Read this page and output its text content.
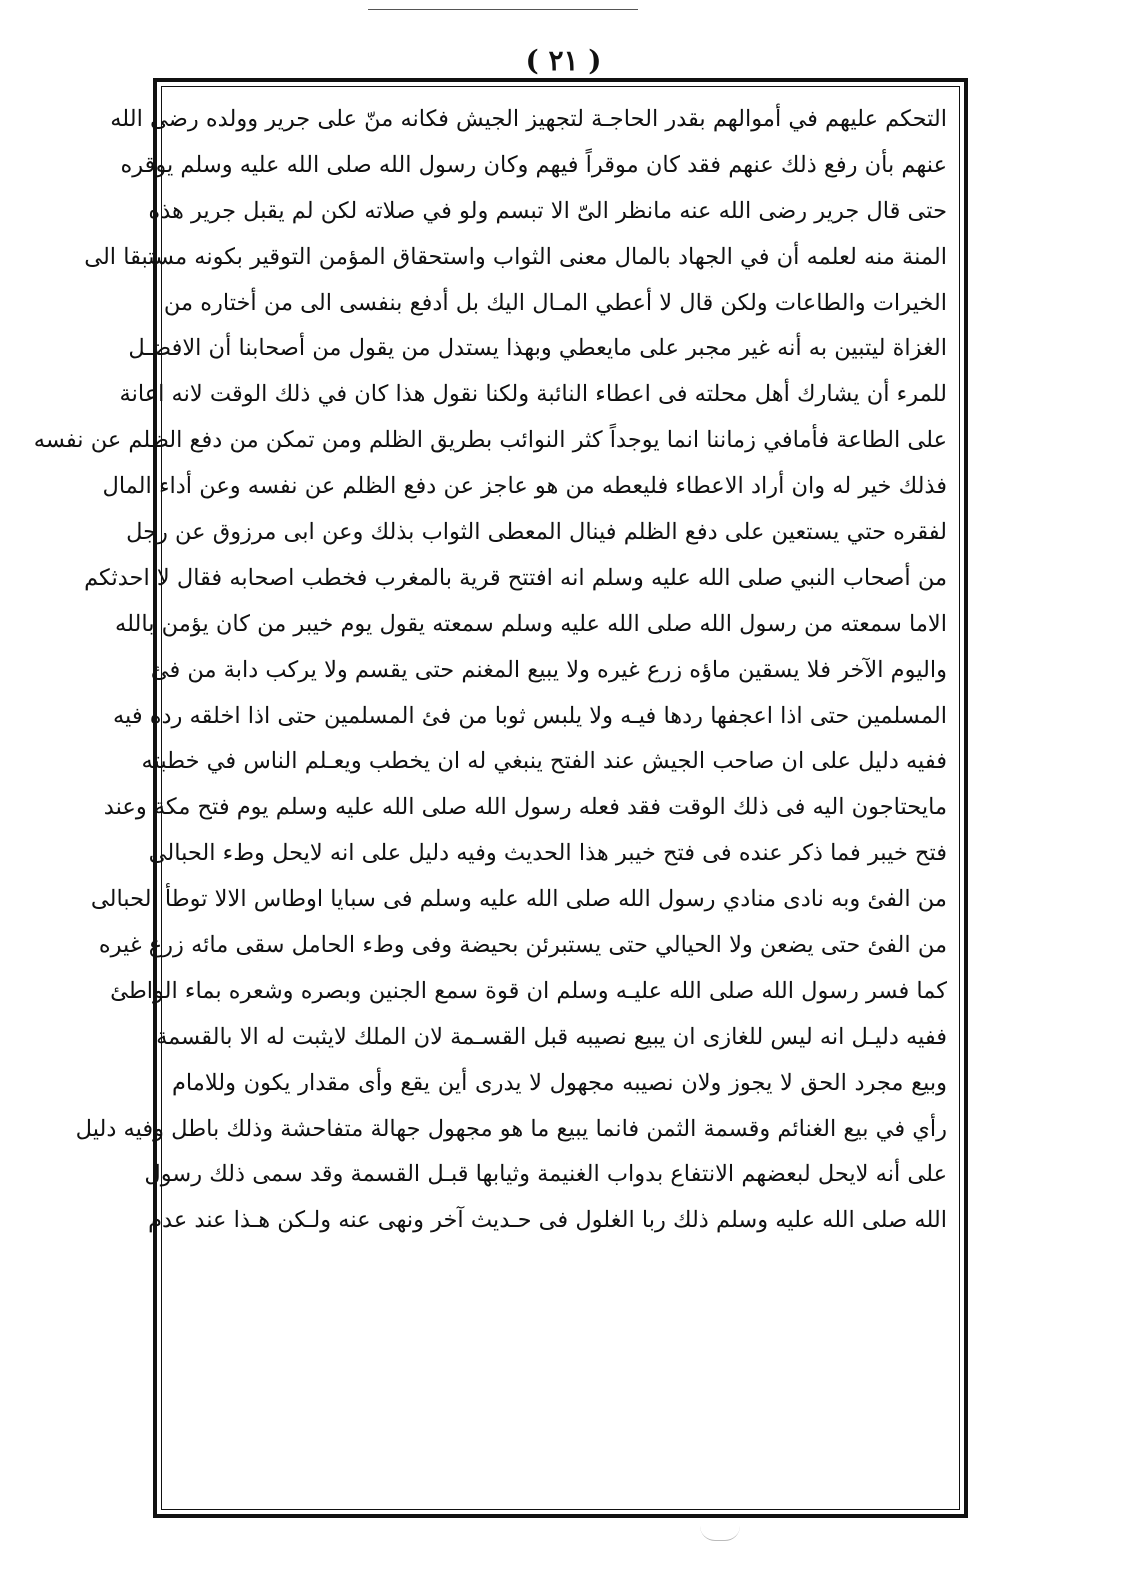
( ٢١ )
التحكم عليهم في أموالهم بقدر الحاجـة لتجهيز الجيش فكانه منّ على جرير وولده رضى الله
عنهم بأن رفع ذلك عنهم فقد كان موقراً فيهم وكان رسول الله صلى الله عليه وسلم يوقره
حتى قال جرير رضى الله عنه مانظر الىّ الا تبسم ولو في صلاته لكن لم يقبل جرير هذه
المنة منه لعلمه أن في الجهاد بالمال معنى الثواب واستحقاق المؤمن التوقير بكونه مستبقا الى
الخيرات والطاعات ولكن قال لا أعطي المـال اليك بل أدفع بنفسى الى من أختاره من
الغزاة ليتبين به أنه غير مجبر على مايعطي وبهذا يستدل من يقول من أصحابنا أن الافضـل
للمرء أن يشارك أهل محلته فى اعطاء النائبة ولكنا نقول هذا كان في ذلك الوقت لانه اعانة
على الطاعة فأمافي زماننا انما يوجداً كثر النوائب بطريق الظلم ومن تمكن من دفع الظلم عن نفسه
فذلك خير له وان أراد الاعطاء فليعطه من هو عاجز عن دفع الظلم عن نفسه وعن أداء المال
لفقره حتي يستعين على دفع الظلم فينال المعطى الثواب بذلك وعن ابى مرزوق عن رجل
من أصحاب النبي صلى الله عليه وسلم انه افتتح قرية بالمغرب فخطب اصحابه فقال لا احدثكم
الاما سمعته من رسول الله صلى الله عليه وسلم سمعته يقول يوم خيبر من كان يؤمن بالله
واليوم الآخر فلا يسقين ماؤه زرع غيره ولا يبيع المغنم حتى يقسم ولا يركب دابة من فئ
المسلمين حتى اذا اعجفها ردها فيـه ولا يلبس ثوبا من فئ المسلمين حتى اذا اخلقه رده فيه
ففيه دليل على ان صاحب الجيش عند الفتح ينبغي له ان يخطب ويعـلم الناس في خطبته
مايحتاجون اليه فى ذلك الوقت فقد فعله رسول الله صلى الله عليه وسلم يوم فتح مكة وعند
فتح خيبر فما ذكر عنده فى فتح خيبر هذا الحديث وفيه دليل على انه لايحل وطء الحبالى
من الفئ وبه نادى منادي رسول الله صلى الله عليه وسلم فى سبايا اوطاس الالا توطأ الحبالى
من الفئ حتى يضعن ولا الحيالي حتى يستبرئن بحيضة وفى وطء الحامل سقى مائه زرع غيره
كما فسر رسول الله صلى الله عليـه وسلم ان قوة سمع الجنين وبصره وشعره بماء الواطئ
ففيه دليـل انه ليس للغازى ان يبيع نصيبه قبل القسـمة لان الملك لايثبت له الا بالقسمة
وبيع مجرد الحق لا يجوز ولان نصيبه مجهول لا يدرى أين يقع وأى مقدار يكون وللامام
رأي في بيع الغنائم وقسمة الثمن فانما يبيع ما هو مجهول جهالة متفاحشة وذلك باطل وفيه دليل
على أنه لايحل لبعضهم الانتفاع بدواب الغنيمة وثيابها قبـل القسمة وقد سمى ذلك رسول
الله صلى الله عليه وسلم ذلك ربا الغلول فى حـديث آخر ونهى عنه ولـكن هـذا عند عدم
